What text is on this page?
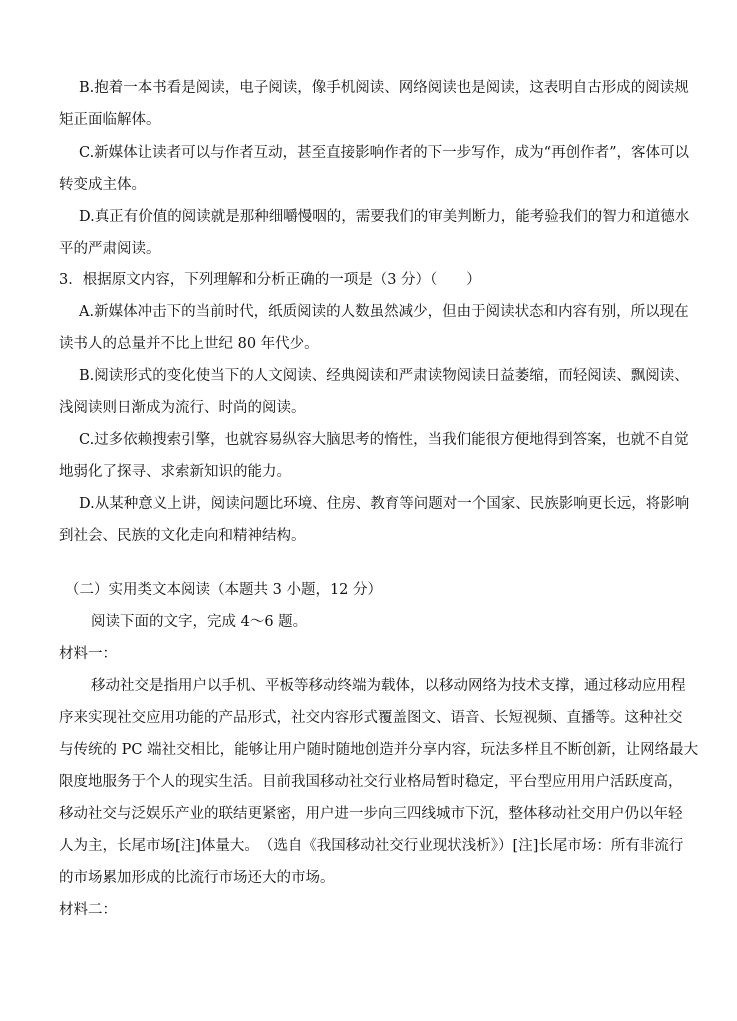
B.抱着一本书看是阅读，电子阅读，像手机阅读、网络阅读也是阅读，这表明自古形成的阅读规
矩正面临解体。
C.新媒体让读者可以与作者互动，甚至直接影响作者的下一步写作，成为“再创作者”，客体可以
转变成主体。
D.真正有价值的阅读就是那种细嚼慢咽的，需要我们的审美判断力，能考验我们的智力和道德水
平的严肃阅读。
3．根据原文内容，下列理解和分析正确的一项是（3 分）（　　）
A.新媒体冲击下的当前时代，纸质阅读的人数虽然减少，但由于阅读状态和内容有别，所以现在
读书人的总量并不比上世纪 80 年代少。
B.阅读形式的变化使当下的人文阅读、经典阅读和严肃读物阅读日益萎缩，而轻阅读、飘阅读、
浅阅读则日渐成为流行、时尚的阅读。
C.过多依赖搜索引擎，也就容易纵容大脑思考的惰性，当我们能很方便地得到答案，也就不自觉
地弱化了探寻、求索新知识的能力。
D.从某种意义上讲，阅读问题比环境、住房、教育等问题对一个国家、民族影响更长远，将影响
到社会、民族的文化走向和精神结构。
（二）实用类文本阅读（本题共 3 小题，12 分）
阅读下面的文字，完成 4～6 题。
材料一：
移动社交是指用户以手机、平板等移动终端为载体，以移动网络为技术支撑，通过移动应用程
序来实现社交应用功能的产品形式，社交内容形式覆盖图文、语音、长短视频、直播等。这种社交
与传统的 PC 端社交相比，能够让用户随时随地创造并分享内容，玩法多样且不断创新，让网络最大
限度地服务于个人的现实生活。目前我国移动社交行业格局暂时稳定，平台型应用用户活跃度高，
移动社交与泛娱乐产业的联结更紧密，用户进一步向三四线城市下沉，整体移动社交用户仍以年轻
人为主，长尾市场[注]体量大。　（选自《我国移动社交行业现状浅析》）[注]长尾市场：所有非流行
的市场累加形成的比流行市场还大的市场。
材料二：
